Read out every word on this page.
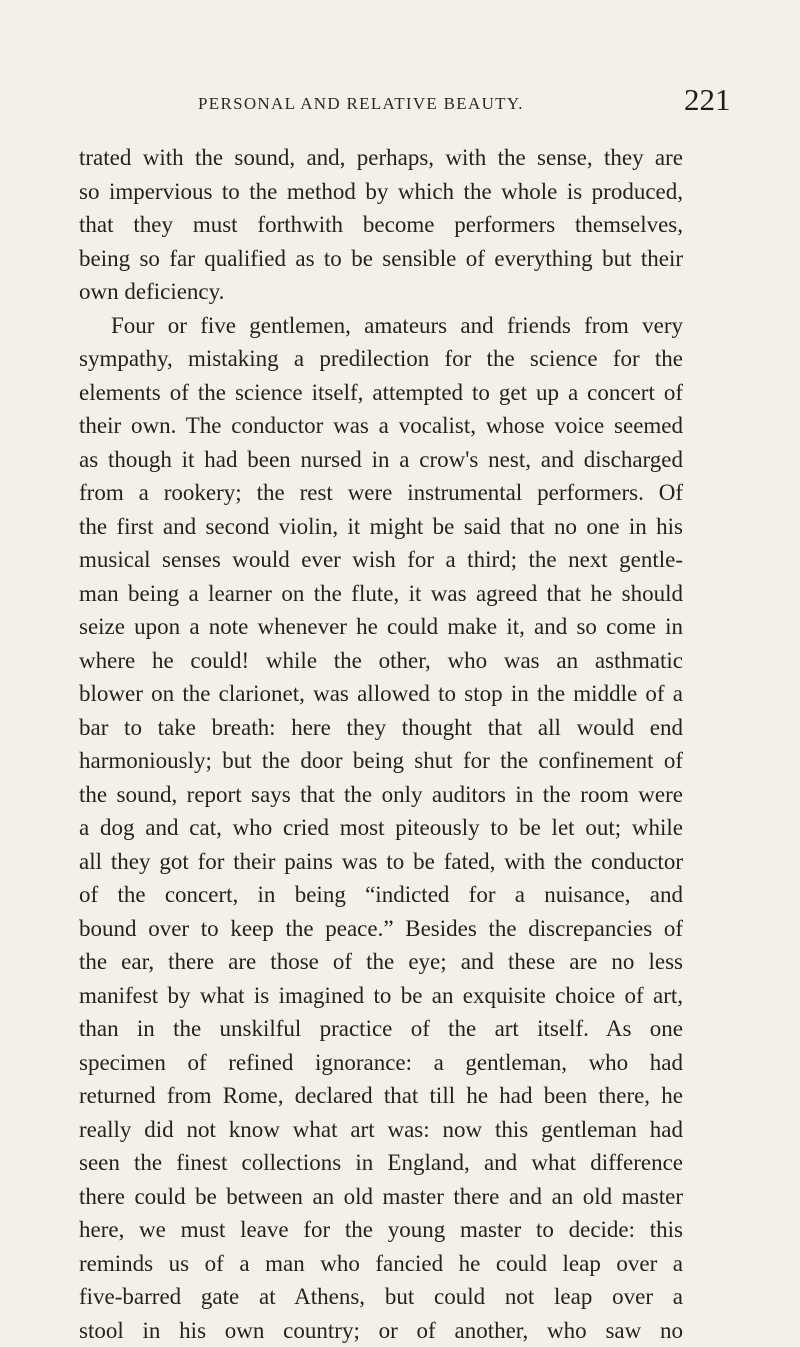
PERSONAL AND RELATIVE BEAUTY.	221
trated with the sound, and, perhaps, with the sense, they are
so impervious to the method by which the whole is produced,
that they must forthwith become performers themselves,
being so far qualified as to be sensible of everything but their
own deficiency.
Four or five gentlemen, amateurs and friends from very
sympathy, mistaking a predilection for the science for the
elements of the science itself, attempted to get up a concert of
their own. The conductor was a vocalist, whose voice seemed
as though it had been nursed in a crow's nest, and discharged
from a rookery; the rest were instrumental performers. Of
the first and second violin, it might be said that no one in his
musical senses would ever wish for a third; the next gentle-
man being a learner on the flute, it was agreed that he should
seize upon a note whenever he could make it, and so come in
where he could! while the other, who was an asthmatic
blower on the clarionet, was allowed to stop in the middle of a
bar to take breath: here they thought that all would end
harmoniously; but the door being shut for the confinement of
the sound, report says that the only auditors in the room were
a dog and cat, who cried most piteously to be let out; while
all they got for their pains was to be fated, with the conductor
of the concert, in being “indicted for a nuisance, and
bound over to keep the peace.” Besides the discrepancies of
the ear, there are those of the eye; and these are no less
manifest by what is imagined to be an exquisite choice of art,
than in the unskilful practice of the art itself. As one
specimen of refined ignorance: a gentleman, who had
returned from Rome, declared that till he had been there, he
really did not know what art was: now this gentleman had
seen the finest collections in England, and what difference
there could be between an old master there and an old master
here, we must leave for the young master to decide: this
reminds us of a man who fancied he could leap over a
five-barred gate at Athens, but could not leap over a
stool in his own country; or of another, who saw no
